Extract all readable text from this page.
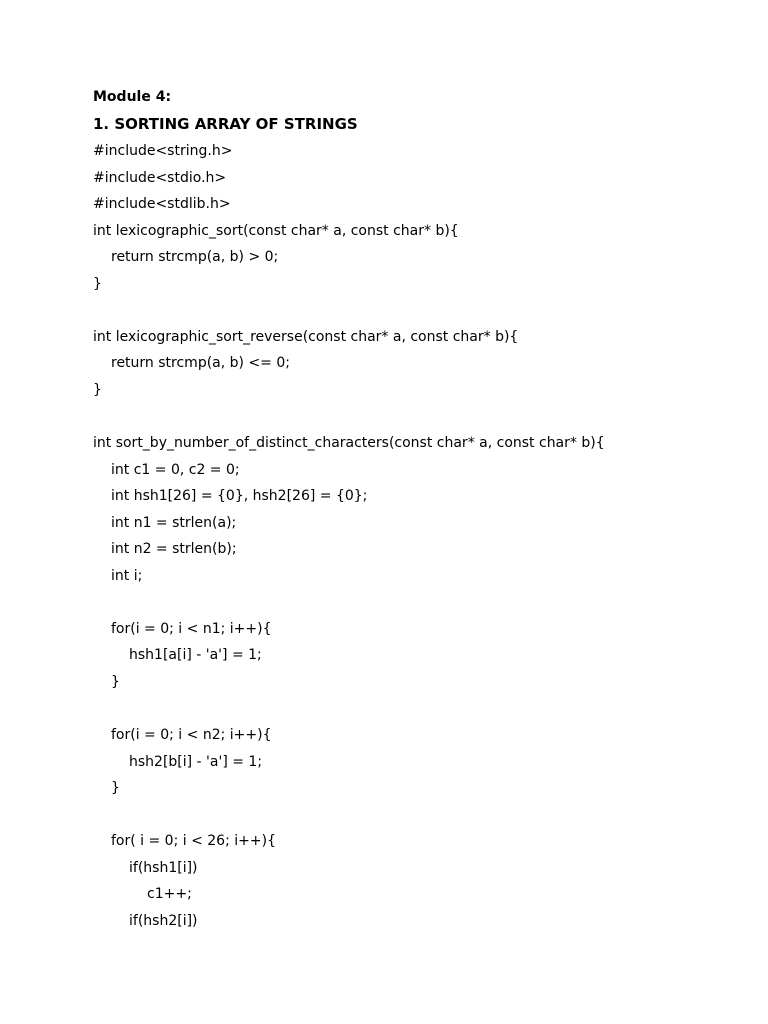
Module 4:
1. SORTING ARRAY OF STRINGS
#include<string.h>
#include<stdio.h>
#include<stdlib.h>
int lexicographic_sort(const char* a, const char* b){
return strcmp(a, b) > 0;
}
int lexicographic_sort_reverse(const char* a, const char* b){
return strcmp(a, b) <= 0;
}
int sort_by_number_of_distinct_characters(const char* a, const char* b){
int c1 = 0, c2 = 0;
int hsh1[26] = {0}, hsh2[26] = {0};
int n1 = strlen(a);
int n2 = strlen(b);
int i;
for(i = 0; i < n1; i++){
hsh1[a[i] - 'a'] = 1;
}
for(i = 0; i < n2; i++){
hsh2[b[i] - 'a'] = 1;
}
for( i = 0; i < 26; i++){
if(hsh1[i])
c1++;
if(hsh2[i])
